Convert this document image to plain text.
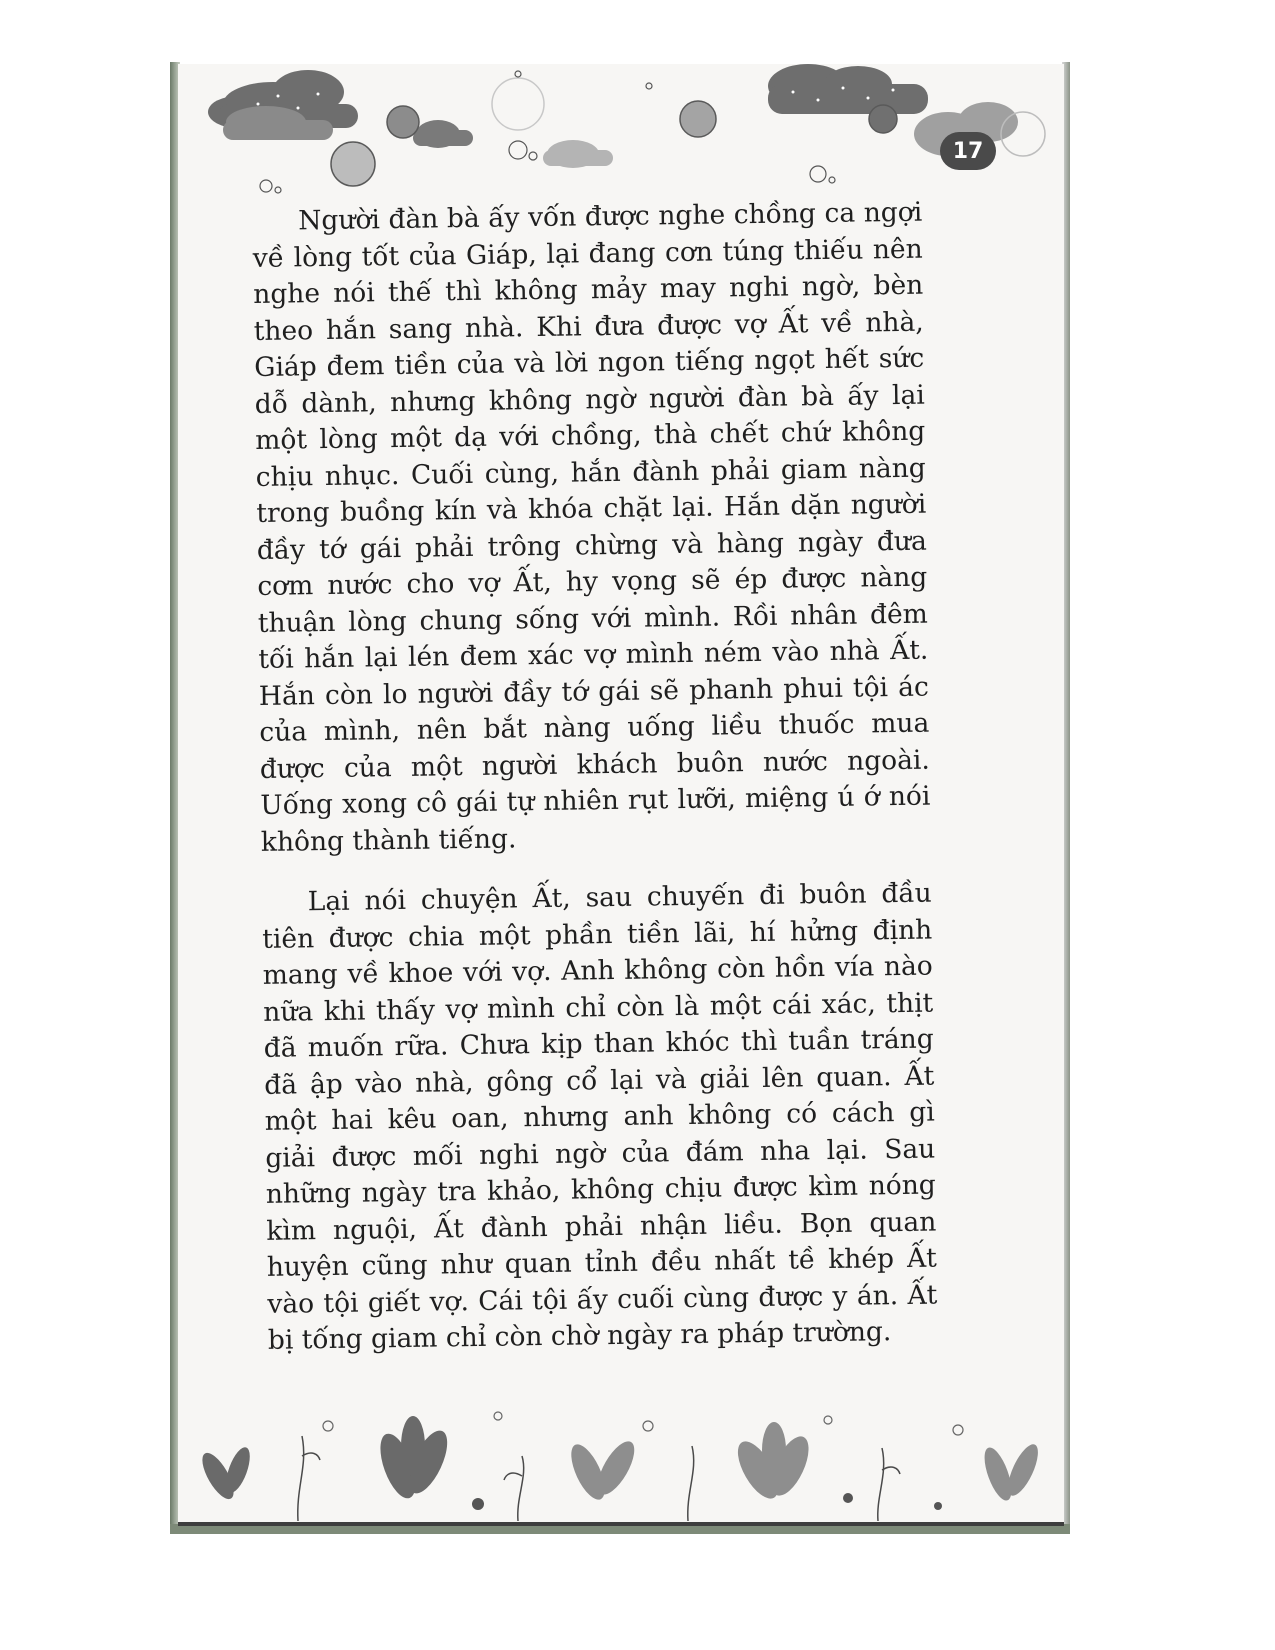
17

Người đàn bà ấy vốn được nghe chồng ca ngợi về lòng tốt của Giáp, lại đang cơn túng thiếu nên nghe nói thế thì không mảy may nghi ngờ, bèn theo hắn sang nhà. Khi đưa được vợ Ất về nhà, Giáp đem tiền của và lời ngon tiếng ngọt hết sức dỗ dành, nhưng không ngờ người đàn bà ấy lại một lòng một dạ với chồng, thà chết chứ không chịu nhục. Cuối cùng, hắn đành phải giam nàng trong buồng kín và khóa chặt lại. Hắn dặn người đầy tớ gái phải trông chừng và hàng ngày đưa cơm nước cho vợ Ất, hy vọng sẽ ép được nàng thuận lòng chung sống với mình. Rồi nhân đêm tối hắn lại lén đem xác vợ mình ném vào nhà Ất. Hắn còn lo người đầy tớ gái sẽ phanh phui tội ác của mình, nên bắt nàng uống liều thuốc mua được của một người khách buôn nước ngoài. Uống xong cô gái tự nhiên rụt lưỡi, miệng ú ớ nói không thành tiếng.

Lại nói chuyện Ất, sau chuyến đi buôn đầu tiên được chia một phần tiền lãi, hí hửng định mang về khoe với vợ. Anh không còn hồn vía nào nữa khi thấy vợ mình chỉ còn là một cái xác, thịt đã muốn rữa. Chưa kịp than khóc thì tuần tráng đã ập vào nhà, gông cổ lại và giải lên quan. Ất một hai kêu oan, nhưng anh không có cách gì giải được mối nghi ngờ của đám nha lại. Sau những ngày tra khảo, không chịu được kìm nóng kìm nguội, Ất đành phải nhận liều. Bọn quan huyện cũng như quan tỉnh đều nhất tề khép Ất vào tội giết vợ. Cái tội ấy cuối cùng được y án. Ất bị tống giam chỉ còn chờ ngày ra pháp trường.
